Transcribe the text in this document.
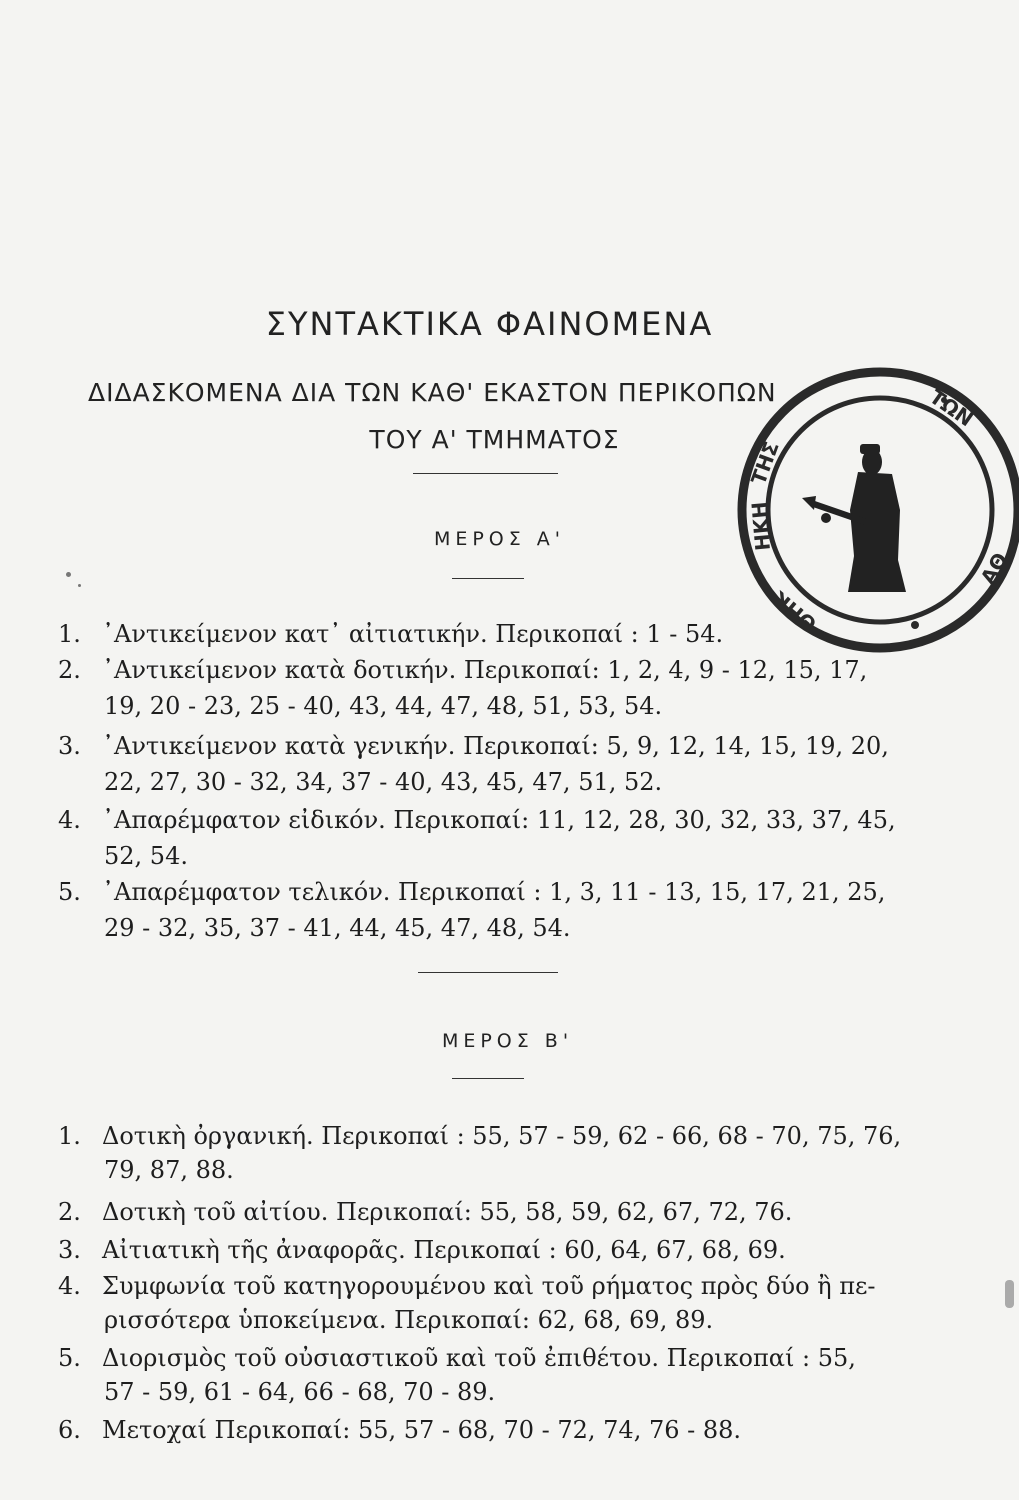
ΣΥΝΤΑΚΤΙΚΑ ΦΑΙΝΟΜΕΝΑ
ΔΙΔΑΣΚΟΜΕΝΑ ΔΙΑ ΤΩΝ ΚΑΘ' ΕΚΑΣΤΟΝ ΠΕΡΙΚΟΠΩΝ
ΤΟΥ Α' ΤΜΗΜΑΤΟΣ
ΜΕΡΟΣ Α'
1. ᾿Αντικείμενον κατ᾿ αἰτιατικήν. Περικοπαί : 1 - 54.
2. ᾿Αντικείμενον κατὰ δοτικήν. Περικοπαί: 1, 2, 4, 9 - 12, 15, 17,
19, 20 - 23, 25 - 40, 43, 44, 47, 48, 51, 53, 54.
3. ᾿Αντικείμενον κατὰ γενικήν. Περικοπαί: 5, 9, 12, 14, 15, 19, 20,
22, 27, 30 - 32, 34, 37 - 40, 43, 45, 47, 51, 52.
4. ᾿Απαρέμφατον εἰδικόν. Περικοπαί: 11, 12, 28, 30, 32, 33, 37, 45,
52, 54.
5. ᾿Απαρέμφατον τελικόν. Περικοπαί : 1, 3, 11 - 13, 15, 17, 21, 25,
29 - 32, 35, 37 - 41, 44, 45, 47, 48, 54.
ΜΕΡΟΣ Β'
1. Δοτικὴ ὀργανική. Περικοπαί : 55, 57 - 59, 62 - 66, 68 - 70, 75, 76,
79, 87, 88.
2. Δοτικὴ τοῦ αἰτίου. Περικοπαί: 55, 58, 59, 62, 67, 72, 76.
3. Αἰτιατικὴ τῆς ἀναφορᾶς. Περικοπαί : 60, 64, 67, 68, 69.
4. Συμφωνία τοῦ κατηγορουμένου καὶ τοῦ ρήματος πρὸς δύο ἢ πε-
ρισσότερα ὑποκείμενα. Περικοπαί: 62, 68, 69, 89.
5. Διορισμὸς τοῦ οὐσιαστικοῦ καὶ τοῦ ἐπιθέτου. Περικοπαί : 55,
57 - 59, 61 - 64, 66 - 68, 70 - 89.
6. Μετοχαί Περικοπαί: 55, 57 - 68, 70 - 72, 74, 76 - 88.
ΤΗΣ
ΗΚΗ
ΘΗΚ
ΤΩΝ
ΑΘ
